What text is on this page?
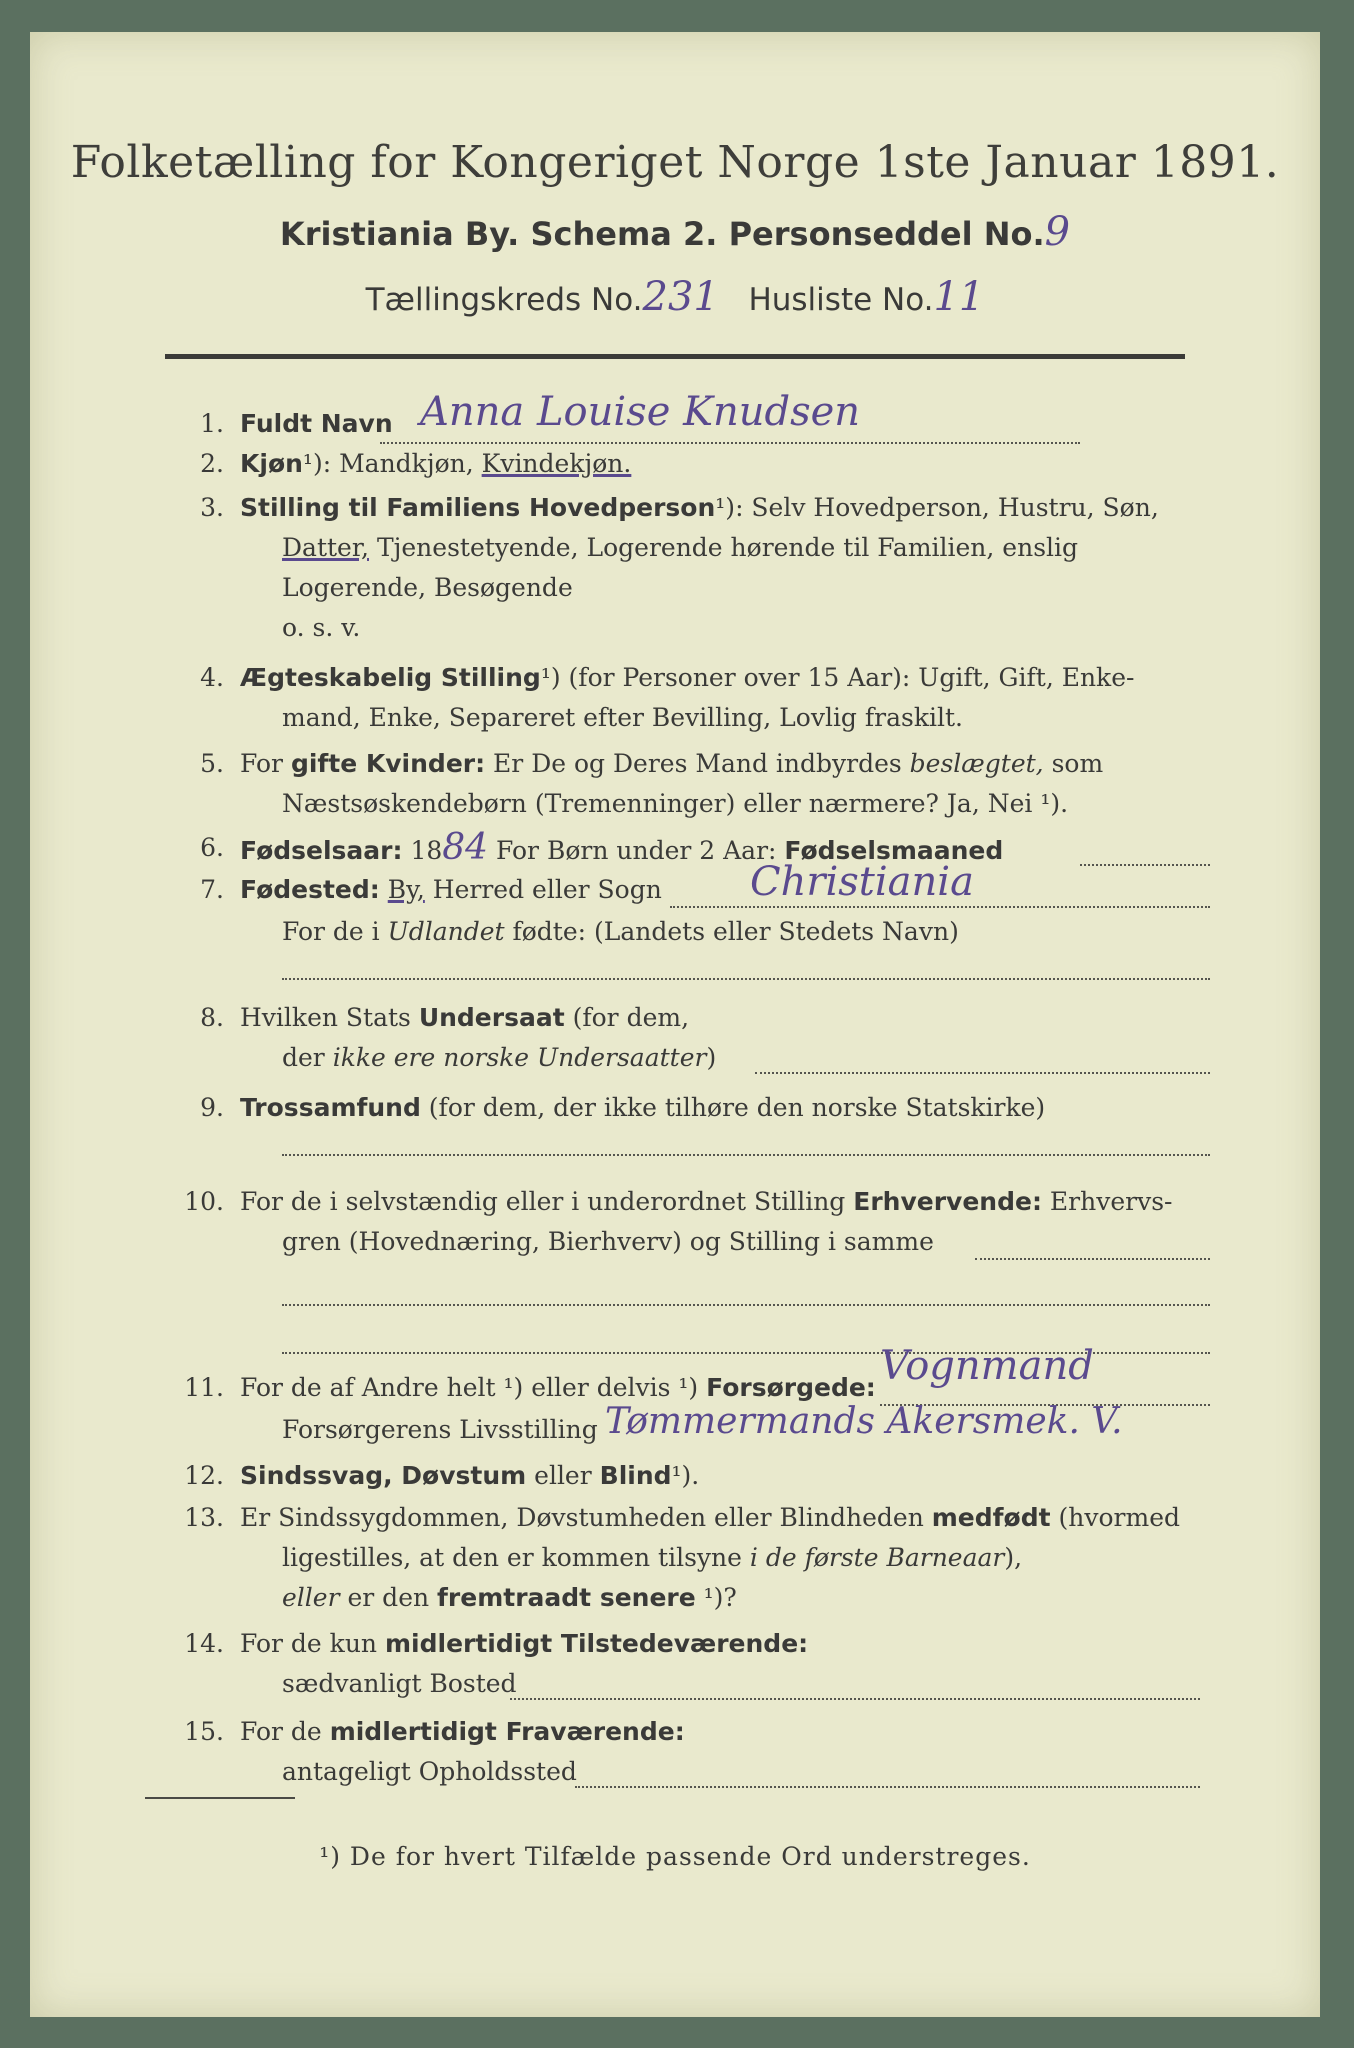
Folketælling for Kongeriget Norge 1ste Januar 1891.
Kristiania By. Schema 2. Personseddel No.9
Tællingskreds No.231 Husliste No.11
1. Fuldt Navn Anna Louise Knudsen
2. Kjøn¹): Mandkjøn, Kvindekjøn.
3. Stilling til Familiens Hovedperson¹): Selv Hovedperson, Hustru, Søn,
Datter, Tjenestetyende, Logerende hørende til Familien, enslig
Logerende, Besøgende
o. s. v.
4. Ægteskabelig Stilling¹) (for Personer over 15 Aar): Ugift, Gift, Enke-
mand, Enke, Separeret efter Bevilling, Lovlig fraskilt.
5. For gifte Kvinder: Er De og Deres Mand indbyrdes beslægtet, som
Næstsøskendebørn (Tremenninger) eller nærmere? Ja, Nei ¹).
6. Fødselsaar: 1884 For Børn under 2 Aar: Fødselsmaaned
7. Fødested: By, Herred eller Sogn Christiania
For de i Udlandet fødte: (Landets eller Stedets Navn)
8. Hvilken Stats Undersaat (for dem,
der ikke ere norske Undersaatter)
9. Trossamfund (for dem, der ikke tilhøre den norske Statskirke)
10. For de i selvstændig eller i underordnet Stilling Erhvervende: Erhvervs-
gren (Hovednæring, Bierhverv) og Stilling i samme
11. For de af Andre helt ¹) eller delvis ¹) Forsørgede: Vognmand
Forsørgerens Livsstilling Tømmermands Akersmek. V.
12. Sindssvag, Døvstum eller Blind¹).
13. Er Sindssygdommen, Døvstumheden eller Blindheden medfødt (hvormed
ligestilles, at den er kommen tilsyne i de første Barneaar),
eller er den fremtraadt senere ¹)?
14. For de kun midlertidigt Tilstedeværende:
sædvanligt Bosted
15. For de midlertidigt Fraværende:
antageligt Opholdssted
¹) De for hvert Tilfælde passende Ord understreges.
